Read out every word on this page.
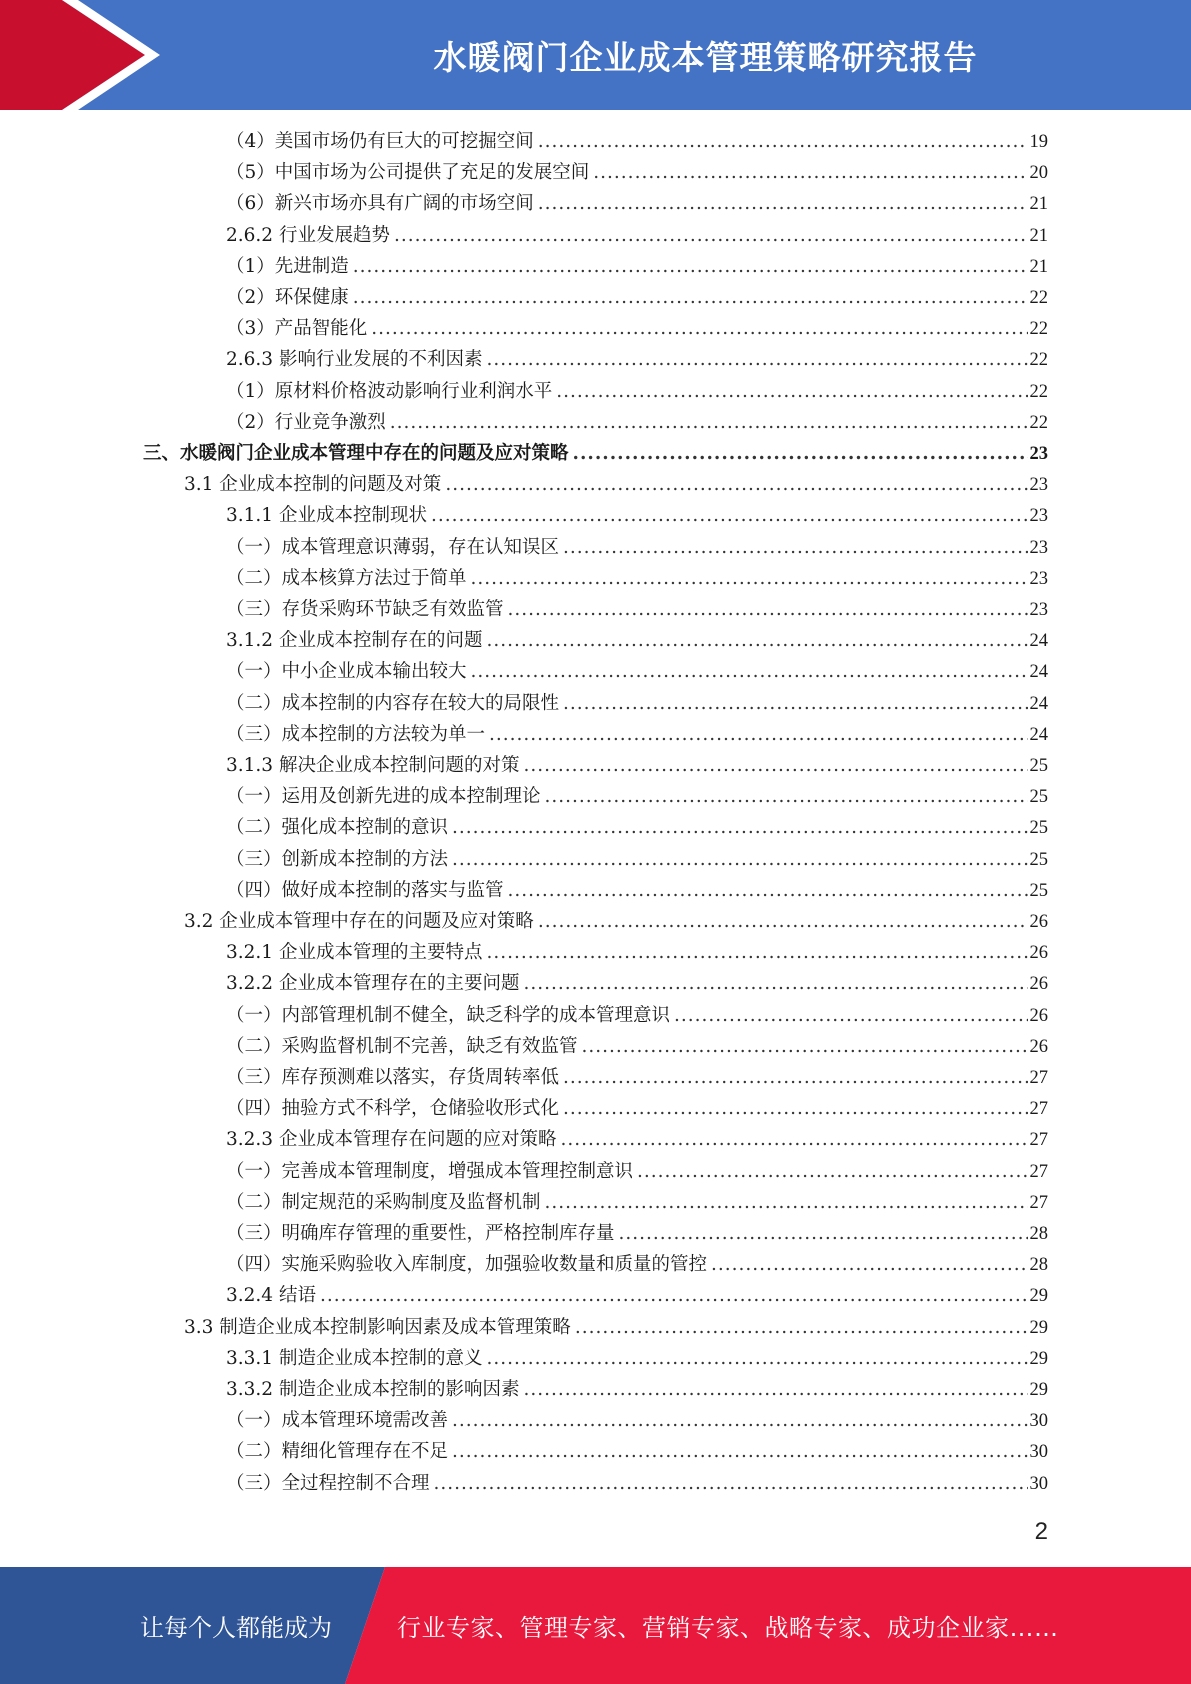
水暖阀门企业成本管理策略研究报告
（4）美国市场仍有巨大的可挖掘空间 .....	19
（5）中国市场为公司提供了充足的发展空间 .....	20
（6）新兴市场亦具有广阔的市场空间 .....	21
2.6.2 行业发展趋势 .....	21
（1）先进制造 .....	21
（2）环保健康 .....	22
（3）产品智能化 .....	22
2.6.3 影响行业发展的不利因素 .....	22
（1）原材料价格波动影响行业利润水平 .....	22
（2）行业竞争激烈 .....	22
三、水暖阀门企业成本管理中存在的问题及应对策略 .....	23
3.1 企业成本控制的问题及对策 .....	23
3.1.1 企业成本控制现状 .....	23
（一）成本管理意识薄弱，存在认知误区 .....	23
（二）成本核算方法过于简单 .....	23
（三）存货采购环节缺乏有效监管 .....	23
3.1.2 企业成本控制存在的问题 .....	24
（一）中小企业成本输出较大 .....	24
（二）成本控制的内容存在较大的局限性 .....	24
（三）成本控制的方法较为单一 .....	24
3.1.3 解决企业成本控制问题的对策 .....	25
（一）运用及创新先进的成本控制理论 .....	25
（二）强化成本控制的意识 .....	25
（三）创新成本控制的方法 .....	25
（四）做好成本控制的落实与监管 .....	25
3.2 企业成本管理中存在的问题及应对策略 .....	26
3.2.1 企业成本管理的主要特点 .....	26
3.2.2 企业成本管理存在的主要问题 .....	26
（一）内部管理机制不健全，缺乏科学的成本管理意识 .....	26
（二）采购监督机制不完善，缺乏有效监管 .....	26
（三）库存预测难以落实，存货周转率低 .....	27
（四）抽验方式不科学，仓储验收形式化 .....	27
3.2.3 企业成本管理存在问题的应对策略 .....	27
（一）完善成本管理制度，增强成本管理控制意识 .....	27
（二）制定规范的采购制度及监督机制 .....	27
（三）明确库存管理的重要性，严格控制库存量 .....	28
（四）实施采购验收入库制度，加强验收数量和质量的管控 .....	28
3.2.4 结语 .....	29
3.3 制造企业成本控制影响因素及成本管理策略 .....	29
3.3.1 制造企业成本控制的意义 .....	29
3.3.2 制造企业成本控制的影响因素 .....	29
（一）成本管理环境需改善 .....	30
（二）精细化管理存在不足 .....	30
（三）全过程控制不合理 .....	30
2
让每个人都能成为	行业专家、管理专家、营销专家、战略专家、成功企业家……
